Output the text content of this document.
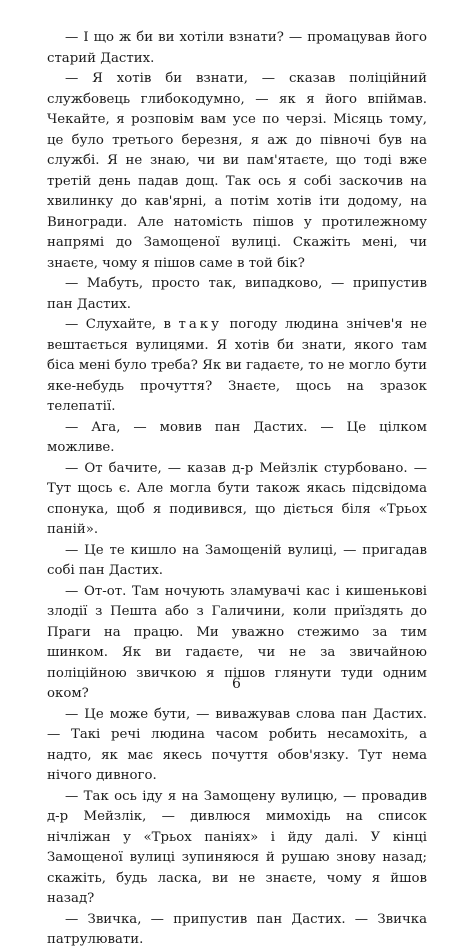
— І що ж би ви хотіли взнати? — промацував його старий Дастих.

— Я хотів би взнати, — сказав поліційний службовець глибокодумно, — як я його впіймав. Чекайте, я розповім вам усе по черзі. Місяць тому, це було третього березня, я аж до півночі був на службі. Я не знаю, чи ви пам'ятаєте, що тоді вже третій день падав дощ. Так ось я собі заскочив на хвилинку до кав'ярні, а потім хотів іти додому, на Виногради. Але натомість пішов у протилежному напрямі до Замощеної вулиці. Скажіть мені, чи знаєте, чому я пішов саме в той бік?

— Мабуть, просто так, випадково, — припустив пан Дастих.

— Слухайте, в таку погоду людина знічев'я не вештається вулицями. Я хотів би знати, якого там біса мені було треба? Як ви гадаєте, то не могло бути яке-небудь прочуття? Знаєте, щось на зразок телепатії.

— Ага, — мовив пан Дастих. — Це цілком можливе.

— От бачите, — казав д-р Мейзлік стурбовано. — Тут щось є. Але могла бути також якась підсвідома спонука, щоб я подивився, що діється біля «Трьох паній».

— Це те кишло на Замощеній вулиці, — пригадав собі пан Дастих.

— От-от. Там ночують зламувачі кас і кишенькові злодії з Пешта або з Галичини, коли приїздять до Праги на працю. Ми уважно стежимо за тим шинком. Як ви гадаєте, чи не за звичайною поліційною звичкою я пішов глянути туди одним оком?

— Це може бути, — виважував слова пан Дастих. — Такі речі людина часом робить несамохіть, а надто, як має якесь почуття обов'язку. Тут нема нічого дивного.

— Так ось іду я на Замощену вулицю, — провадив д-р Мейзлік, — дивлюся мимохідь на список нічліжан у «Трьох паніях» і йду далі. У кінці Замощеної вулиці зупиняюся й рушаю знову назад; скажіть, будь ласка, ви не знаєте, чому я йшов назад?

— Звичка, — припустив пан Дастих. — Звичка патрулювати.

6
